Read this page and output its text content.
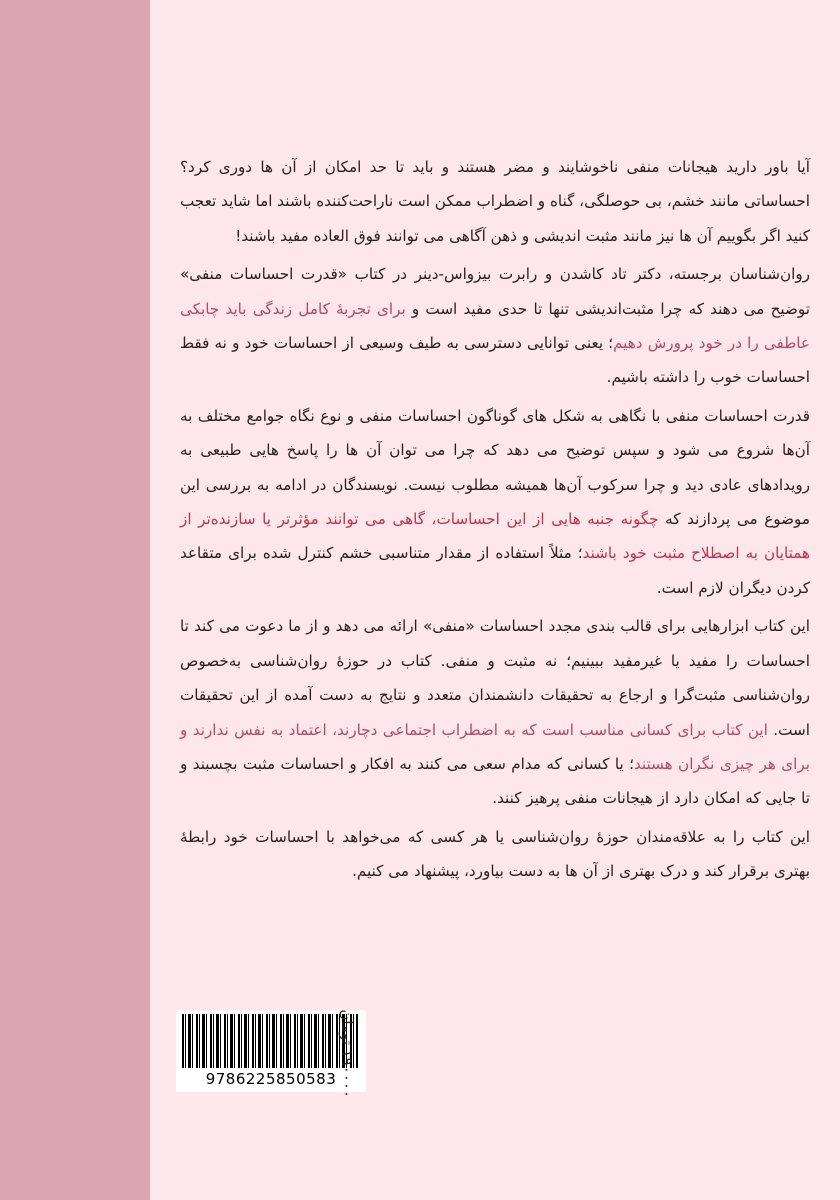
آیا باور دارید هیجانات منفی ناخوشایند و مضر هستند و باید تا حد امکان از آن ها دوری کرد؟ احساساتی مانند خشم، بی حوصلگی، گناه و اضطراب ممکن است ناراحت‌کننده باشند اما شاید تعجب کنید اگر بگوییم آن ها نیز مانند مثبت اندیشی و ذهن آگاهی می توانند فوق العاده مفید باشند!

روان‌شناسان برجسته، دکتر تاد کاشدن و رابرت بیزواس-دینر در کتاب «قدرت احساسات منفی» توضیح می دهند که چرا مثبت‌اندیشی تنها تا حدی مفید است و برای تجربهٔ کامل زندگی باید چابکی عاطفی را در خود پرورش دهیم؛ یعنی توانایی دسترسی به طیف وسیعی از احساسات خود و نه فقط احساسات خوب را داشته باشیم.

قدرت احساسات منفی با نگاهی به شکل های گوناگون احساسات منفی و نوع نگاه جوامع مختلف به آن‌ها شروع می شود و سپس توضیح می دهد که چرا می توان آن ها را پاسخ هایی طبیعی به رویدادهای عادی دید و چرا سرکوب آن‌ها همیشه مطلوب نیست. نویسندگان در ادامه به بررسی این موضوع می پردازند که چگونه جنبه هایی از این احساسات، گاهی می توانند مؤثرتر یا سازنده‌تر از همتایان به اصطلاح مثبت خود باشند؛ مثلاً استفاده از مقدار متناسبی خشم کنترل شده برای متقاعد کردن دیگران لازم است.

این کتاب ابزارهایی برای قالب بندی مجدد احساسات «منفی» ارائه می دهد و از ما دعوت می کند تا احساسات را مفید یا غیرمفید ببینیم؛ نه مثبت و منفی. کتاب در حوزهٔ روان‌شناسی به‌خصوص روان‌شناسی مثبت‌گرا و ارجاع به تحقیقات دانشمندان متعدد و نتایج به دست آمده از این تحقیقات است. این کتاب برای کسانی مناسب است که به اضطراب اجتماعی دچارند، اعتماد به نفس ندارند و برای هر چیزی نگران هستند؛ یا کسانی که مدام سعی می کنند به افکار و احساسات مثبت بچسبند و تا جایی که امکان دارد از هیجانات منفی پرهیز کنند.

این کتاب را به علاقه‌مندان حوزهٔ روان‌شناسی یا هر کسی که می‌خواهد با احساسات خود رابطهٔ بهتری برقرار کند و درک بهتری از آن ها به دست بیاورد، پیشنهاد می کنیم.

9786225850583
۱۹۰۰۰۰ تومان
